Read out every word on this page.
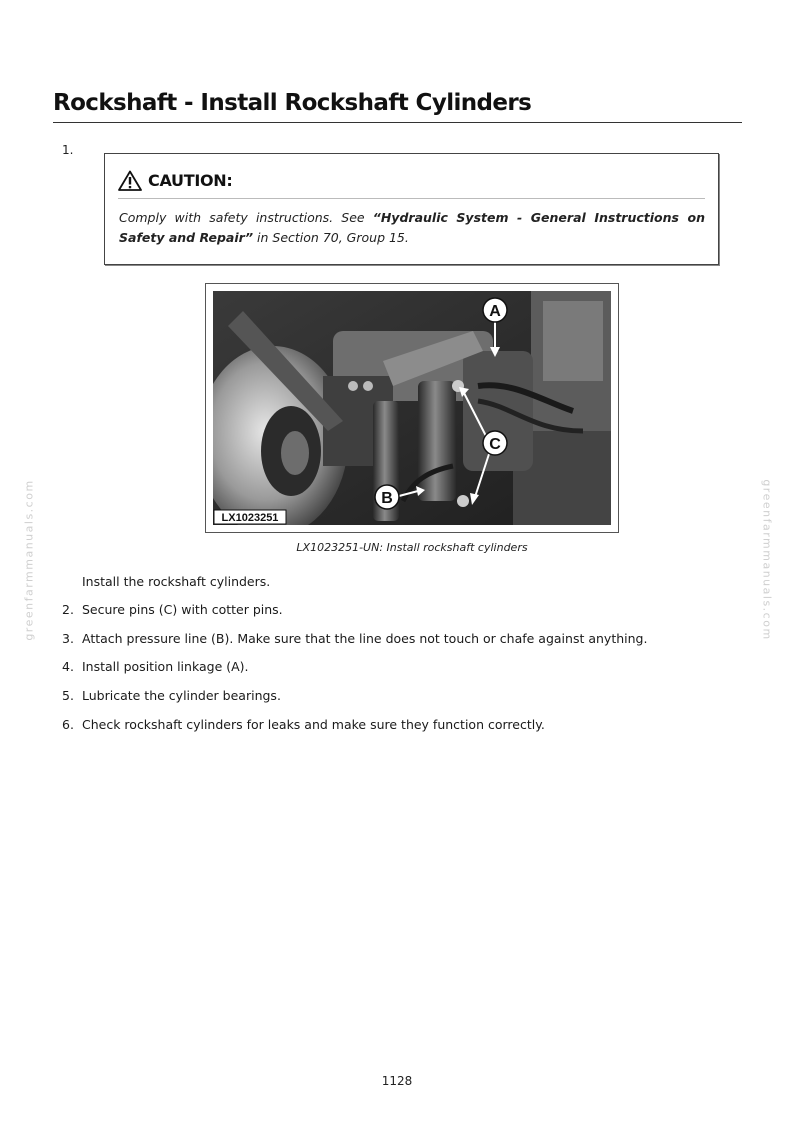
Rockshaft - Install Rockshaft Cylinders
1.
CAUTION:
Comply with safety instructions. See “Hydraulic System - General Instructions on Safety and Repair” in Section 70, Group 15.
A
C
B
LX1023251
LX1023251-UN: Install rockshaft cylinders
Install the rockshaft cylinders.
2. Secure pins (C) with cotter pins.
3. Attach pressure line (B). Make sure that the line does not touch or chafe against anything.
4. Install position linkage (A).
5. Lubricate the cylinder bearings.
6. Check rockshaft cylinders for leaks and make sure they function correctly.
greenfarmmanuals.com	greenfarmmanuals.com
1128
